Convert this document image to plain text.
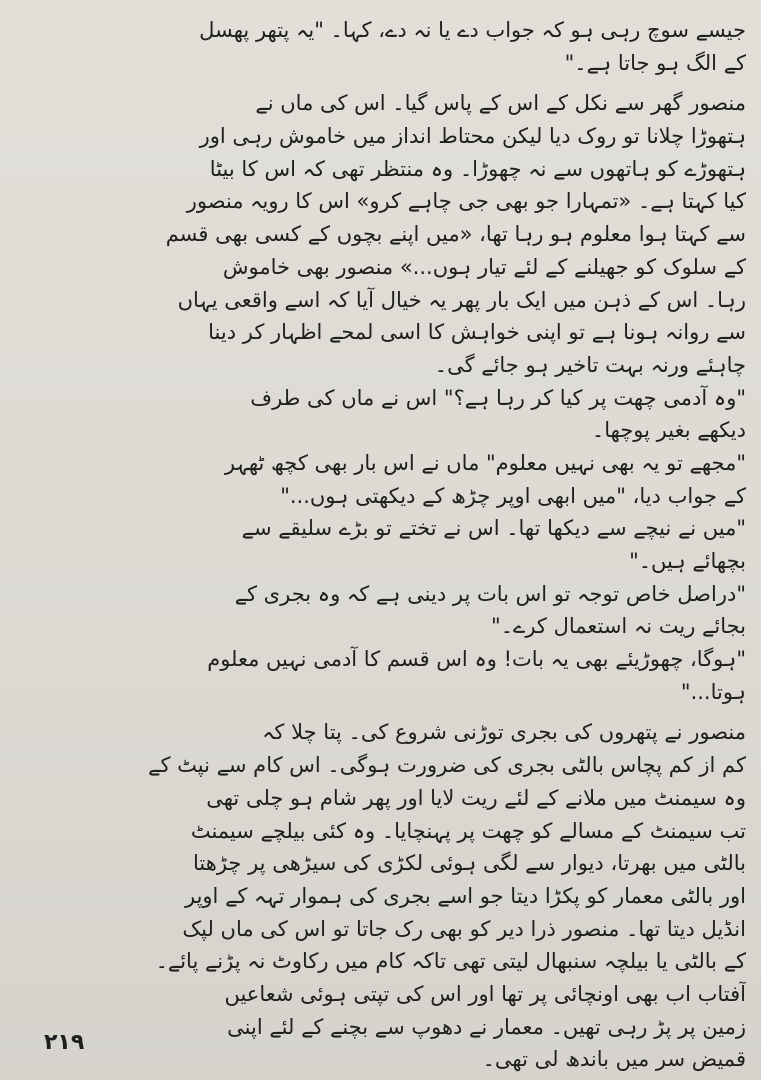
جیسے سوچ رہی ہو کہ جواب دے یا نہ دے، کہا۔ "یہ پتھر پھسل
کے الگ ہو جاتا ہے۔"
منصور گھر سے نکل کے اس کے پاس گیا۔ اس کی ماں نے
ہتھوڑا چلانا تو روک دیا لیکن محتاط انداز میں خاموش رہی اور
ہتھوڑے کو ہاتھوں سے نہ چھوڑا۔ وہ منتظر تھی کہ اس کا بیٹا
کیا کہتا ہے۔ «تمہارا جو بھی جی چاہے کرو» اس کا رویہ منصور
سے کہتا ہوا معلوم ہو رہا تھا، «میں اپنے بچوں کے کسی بھی قسم
کے سلوک کو جھیلنے کے لئے تیار ہوں...» منصور بھی خاموش
رہا۔ اس کے ذہن میں ایک بار پھر یہ خیال آیا کہ اسے واقعی یہاں
سے روانہ ہونا ہے تو اپنی خواہش کا اسی لمحے اظہار کر دینا
چاہئے ورنہ بہت تاخیر ہو جائے گی۔
"وہ آدمی چھت پر کیا کر رہا ہے؟" اس نے ماں کی طرف
دیکھے بغیر پوچھا۔
"مجھے تو یہ بھی نہیں معلوم" ماں نے اس بار بھی کچھ ٹھہر
کے جواب دیا، "میں ابھی اوپر چڑھ کے دیکھتی ہوں..."
"میں نے نیچے سے دیکھا تھا۔ اس نے تختے تو بڑے سلیقے سے
بچھائے ہیں۔"
"دراصل خاص توجہ تو اس بات پر دینی ہے کہ وہ بجری کے
بجائے ریت نہ استعمال کرے۔"
"ہوگا، چھوڑیئے بھی یہ بات! وہ اس قسم کا آدمی نہیں معلوم
ہوتا..."
منصور نے پتھروں کی بجری توڑنی شروع کی۔ پتا چلا کہ
کم از کم پچاس بالٹی بجری کی ضرورت ہوگی۔ اس کام سے نپٹ کے
وہ سیمنٹ میں ملانے کے لئے ریت لایا اور پھر شام ہو چلی تھی
تب سیمنٹ کے مسالے کو چھت پر پہنچایا۔ وہ کئی بیلچے سیمنٹ
بالٹی میں بھرتا، دیوار سے لگی ہوئی لکڑی کی سیڑھی پر چڑھتا
اور بالٹی معمار کو پکڑا دیتا جو اسے بجری کی ہموار تہہ کے اوپر
انڈیل دیتا تھا۔ منصور ذرا دیر کو بھی رک جاتا تو اس کی ماں لپک
کے بالٹی یا بیلچہ سنبھال لیتی تھی تاکہ کام میں رکاوٹ نہ پڑنے پائے۔
آفتاب اب بھی اونچائی پر تھا اور اس کی تپتی ہوئی شعاعیں
زمین پر پڑ رہی تھیں۔ معمار نے دھوپ سے بچنے کے لئے اپنی
قمیض سر میں باندھ لی تھی۔
٢١٩
